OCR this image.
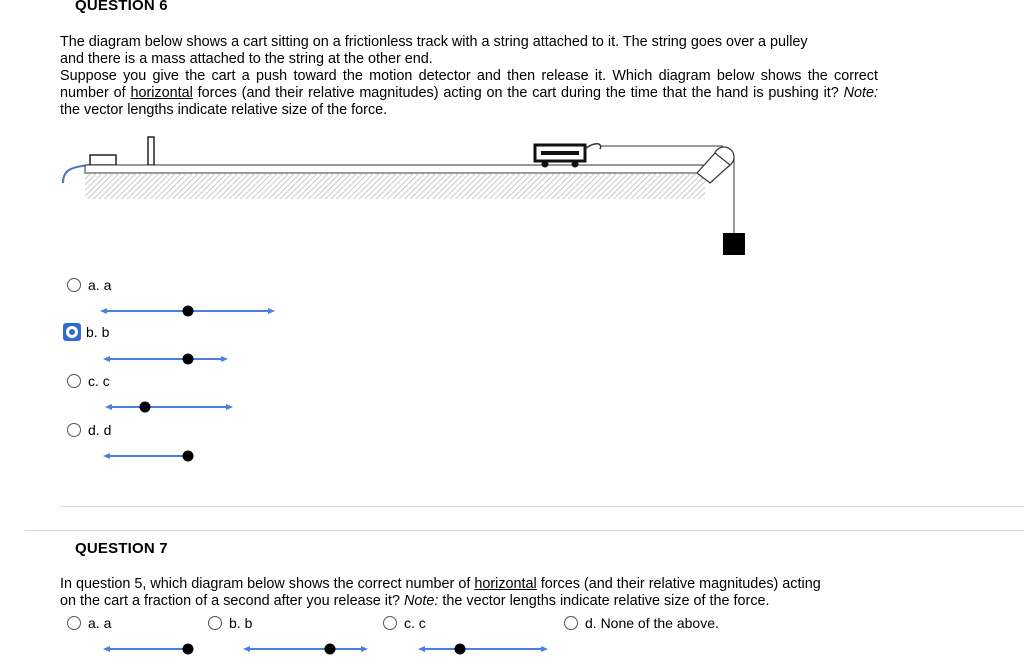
QUESTION 6

The diagram below shows a cart sitting on a frictionless track with a string attached to it. The string goes over a pulley
and there is a mass attached to the string at the other end.

Suppose you give the cart a push toward the motion detector and then release it. Which diagram below shows the correct number of horizontal forces (and their relative magnitudes) acting on the cart during the time that the hand is pushing it? Note: the vector lengths indicate relative size of the force.

a. a
b. b
c. c
d. d
QUESTION 7
In question 5, which diagram below shows the correct number of horizontal forces (and their relative magnitudes) acting
on the cart a fraction of a second after you release it? Note: the vector lengths indicate relative size of the force.
a. a	b. b	c. c	d. None of the above.
